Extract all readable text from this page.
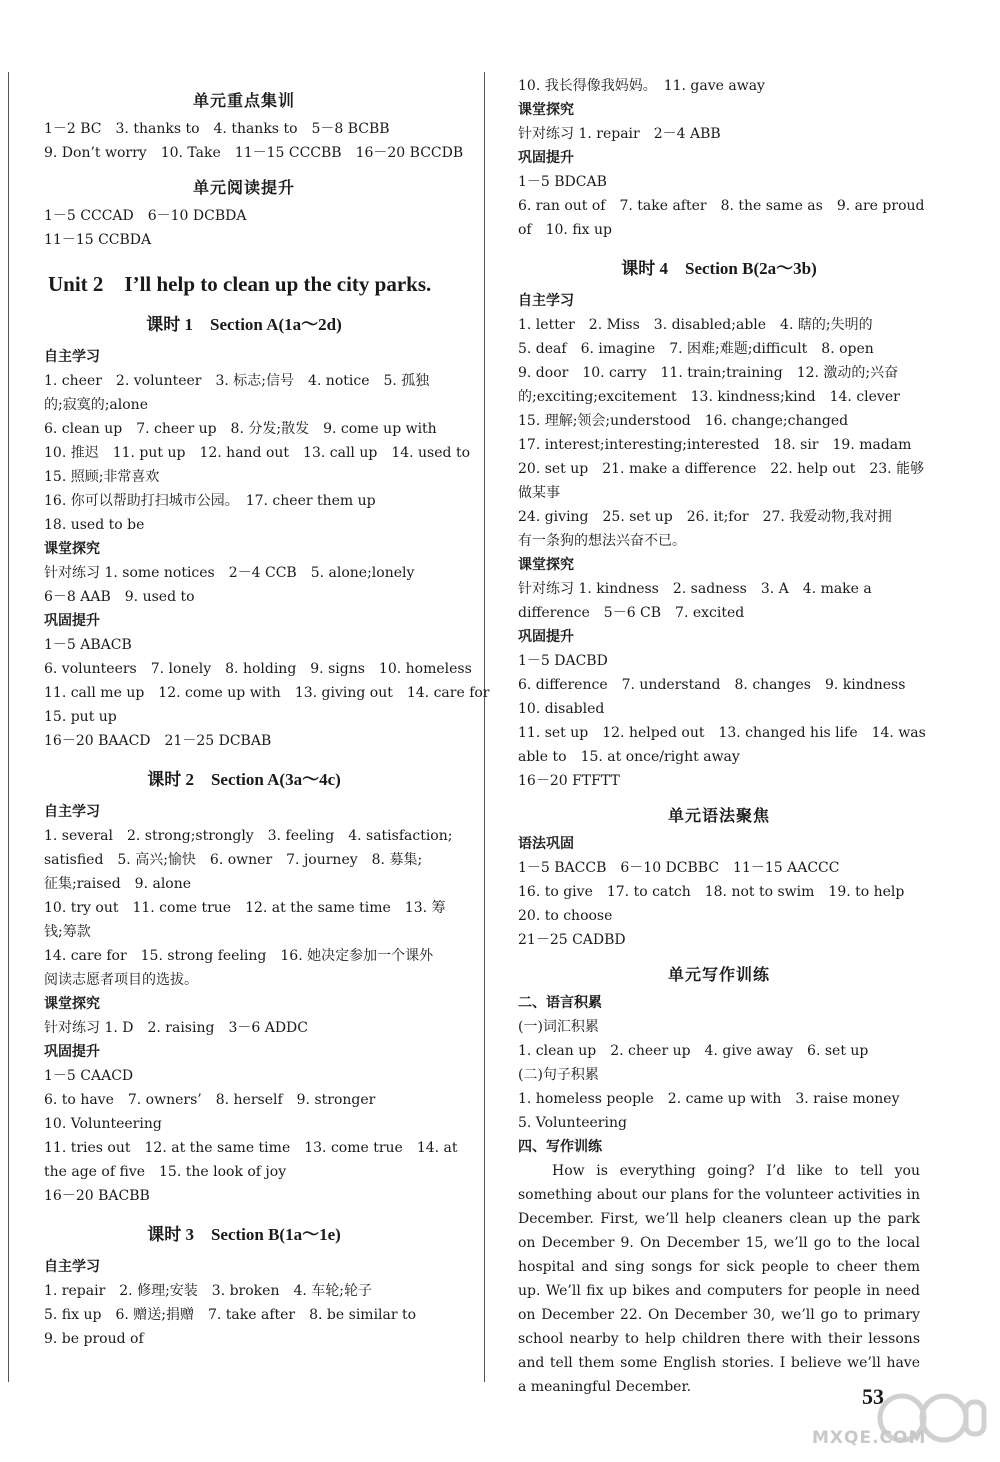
单元重点集训
1－2 BC　3. thanks to　4. thanks to　5－8 BCBB
9. Don’t worry　10. Take　11－15 CCCBB　16－20 BCCDB
单元阅读提升
1－5 CCCAD　6－10 DCBDA
11－15 CCBDA
Unit 2　I’ll help to clean up the city parks.
课时 1　Section A(1a～2d)
自主学习
1. cheer　2. volunteer　3. 标志;信号　4. notice　5. 孤独
的;寂寞的;alone
6. clean up　7. cheer up　8. 分发;散发　9. come up with
10. 推迟　11. put up　12. hand out　13. call up　14. used to
15. 照顾;非常喜欢
16. 你可以帮助打扫城市公园。　17. cheer them up
18. used to be
课堂探究
针对练习 1. some notices　2－4 CCB　5. alone;lonely
6－8 AAB　9. used to
巩固提升
1－5 ABACB
6. volunteers　7. lonely　8. holding　9. signs　10. homeless
11. call me up　12. come up with　13. giving out　14. care for
15. put up
16－20 BAACD　21－25 DCBAB
课时 2　Section A(3a～4c)
自主学习
1. several　2. strong;strongly　3. feeling　4. satisfaction;
satisfied　5. 高兴;愉快　6. owner　7. journey　8. 募集;
征集;raised　9. alone
10. try out　11. come true　12. at the same time　13. 筹
钱;筹款
14. care for　15. strong feeling　16. 她决定参加一个课外
阅读志愿者项目的选拔。
课堂探究
针对练习 1. D　2. raising　3－6 ADDC
巩固提升
1－5 CAACD
6. to have　7. owners’　8. herself　9. stronger
10. Volunteering
11. tries out　12. at the same time　13. come true　14. at
the age of five　15. the look of joy
16－20 BACBB
课时 3　Section B(1a～1e)
自主学习
1. repair　2. 修理;安装　3. broken　4. 车轮;轮子
5. fix up　6. 赠送;捐赠　7. take after　8. be similar to
9. be proud of
10. 我长得像我妈妈。　11. gave away
课堂探究
针对练习 1. repair　2－4 ABB
巩固提升
1－5 BDCAB
6. ran out of　7. take after　8. the same as　9. are proud
of　10. fix up
课时 4　Section B(2a～3b)
自主学习
1. letter　2. Miss　3. disabled;able　4. 瞎的;失明的
5. deaf　6. imagine　7. 困难;难题;difficult　8. open
9. door　10. carry　11. train;training　12. 激动的;兴奋
的;exciting;excitement　13. kindness;kind　14. clever
15. 理解;领会;understood　16. change;changed
17. interest;interesting;interested　18. sir　19. madam
20. set up　21. make a difference　22. help out　23. 能够
做某事
24. giving　25. set up　26. it;for　27. 我爱动物,我对拥
有一条狗的想法兴奋不已。
课堂探究
针对练习 1. kindness　2. sadness　3. A　4. make a
difference　5－6 CB　7. excited
巩固提升
1－5 DACBD
6. difference　7. understand　8. changes　9. kindness
10. disabled
11. set up　12. helped out　13. changed his life　14. was
able to　15. at once/right away
16－20 FTFTT
单元语法聚焦
语法巩固
1－5 BACCB　6－10 DCBBC　11－15 AACCC
16. to give　17. to catch　18. not to swim　19. to help
20. to choose
21－25 CADBD
单元写作训练
二、语言积累
(一)词汇积累
1. clean up　2. cheer up　4. give away　6. set up
(二)句子积累
1. homeless people　2. came up with　3. raise money
5. Volunteering
四、写作训练
How is everything going? I’d like to tell you something about our plans for the volunteer activities in December. First, we’ll help cleaners clean up the park on December 9. On December 15, we’ll go to the local hospital and sing songs for sick people to cheer them up. We’ll fix up bikes and computers for people in need on December 22. On December 30, we’ll go to primary school nearby to help children there with their lessons and tell them some English stories. I believe we’ll have a meaningful December.	53
MXQE.COM
